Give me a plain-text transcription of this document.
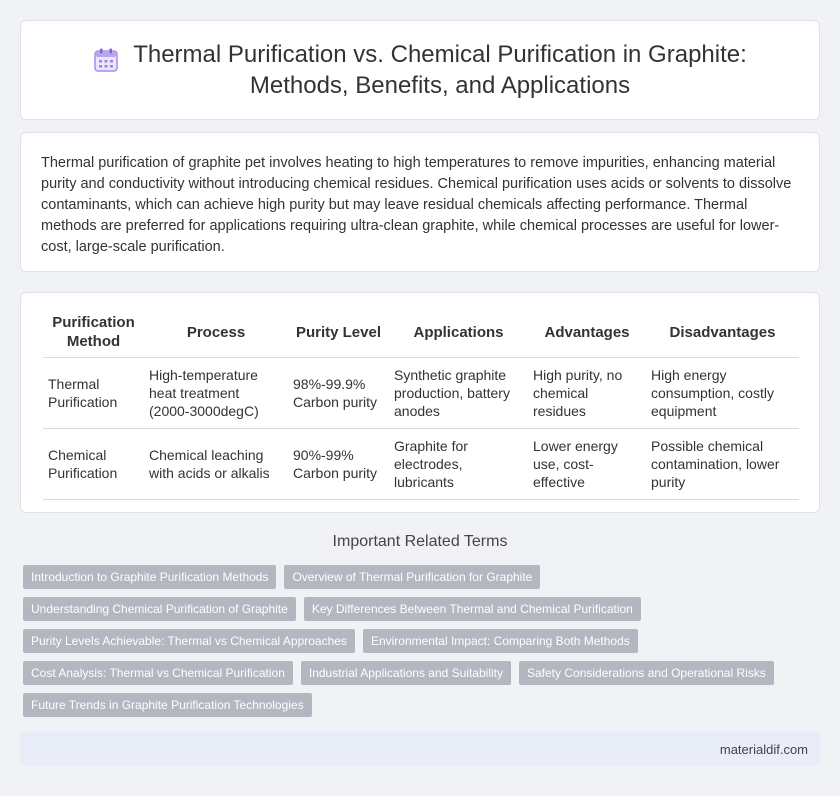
Thermal Purification vs. Chemical Purification in Graphite:
Methods, Benefits, and Applications

Thermal purification of graphite pet involves heating to high temperatures to remove impurities, enhancing material purity and conductivity without introducing chemical residues. Chemical purification uses acids or solvents to dissolve contaminants, which can achieve high purity but may leave residual chemicals affecting performance. Thermal methods are preferred for applications requiring ultra-clean graphite, while chemical processes are useful for lower-cost, large-scale purification.

Purification Method	Process	Purity Level	Applications	Advantages	Disadvantages
Thermal Purification	High-temperature heat treatment (2000-3000degC)	98%-99.9% Carbon purity	Synthetic graphite production, battery anodes	High purity, no chemical residues	High energy consumption, costly equipment
Chemical Purification	Chemical leaching with acids or alkalis	90%-99% Carbon purity	Graphite for electrodes, lubricants	Lower energy use, cost-effective	Possible chemical contamination, lower purity
Important Related Terms
Introduction to Graphite Purification Methods	Overview of Thermal Purification for Graphite
Understanding Chemical Purification of Graphite	Key Differences Between Thermal and Chemical Purification
Purity Levels Achievable: Thermal vs Chemical Approaches	Environmental Impact: Comparing Both Methods
Cost Analysis: Thermal vs Chemical Purification	Industrial Applications and Suitability	Safety Considerations and Operational Risks
Future Trends in Graphite Purification Technologies
materialdif.com
